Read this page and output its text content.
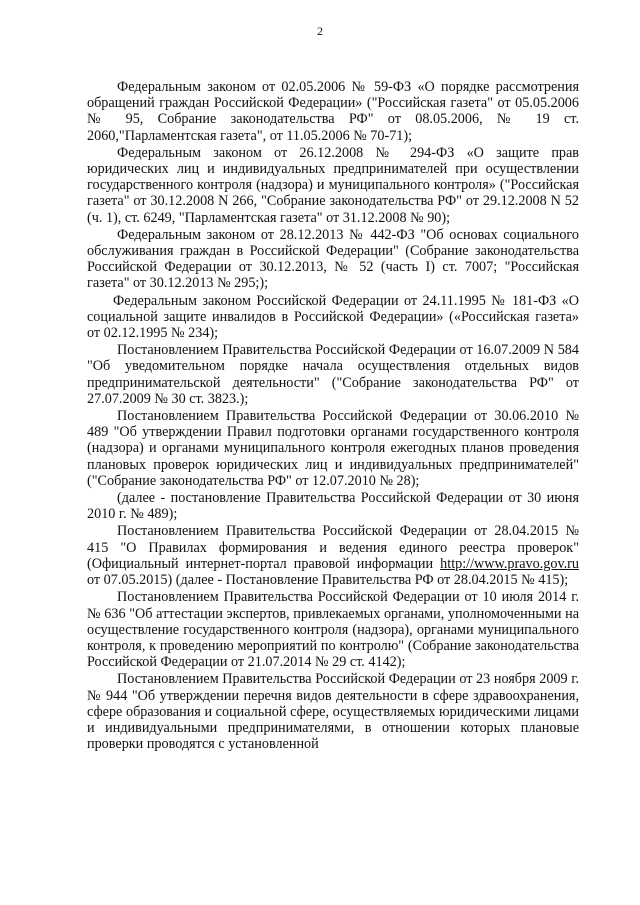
2

Федеральным законом от 02.05.2006 № 59-ФЗ «О порядке рассмотрения обращений граждан Российской Федерации» ("Российская газета" от 05.05.2006 № 95, Собрание законодательства РФ" от 08.05.2006, № 19 ст. 2060,"Парламентская газета", от 11.05.2006 № 70-71);

Федеральным законом от 26.12.2008 № 294-ФЗ «О защите прав юридических лиц и индивидуальных предпринимателей при осуществлении государственного контроля (надзора) и муниципального контроля» ("Российская газета" от 30.12.2008 N 266, "Собрание законодательства РФ" от 29.12.2008 N 52 (ч. 1), ст. 6249, "Парламентская газета" от 31.12.2008 № 90);

Федеральным законом от 28.12.2013 № 442-ФЗ "Об основах социального обслуживания граждан в Российской Федерации" (Собрание законодательства Российской Федерации от 30.12.2013, № 52 (часть I) ст. 7007; "Российская газета" от 30.12.2013 № 295;);

Федеральным законом Российской Федерации от 24.11.1995 № 181-ФЗ «О социальной защите инвалидов в Российской Федерации» («Российская газета» от 02.12.1995 № 234);

Постановлением Правительства Российской Федерации от 16.07.2009 N 584 "Об уведомительном порядке начала осуществления отдельных видов предпринимательской деятельности" ("Собрание законодательства РФ" от 27.07.2009 № 30 ст. 3823.);

Постановлением Правительства Российской Федерации от 30.06.2010 № 489 "Об утверждении Правил подготовки органами государственного контроля (надзора) и органами муниципального контроля ежегодных планов проведения плановых проверок юридических лиц и индивидуальных предпринимателей" ("Собрание законодательства РФ" от 12.07.2010 № 28);

(далее - постановление Правительства Российской Федерации от 30 июня 2010 г. № 489);

Постановлением Правительства Российской Федерации от 28.04.2015 № 415 "О Правилах формирования и ведения единого реестра проверок" (Официальный интернет-портал правовой информации http://www.pravo.gov.ru от 07.05.2015) (далее - Постановление Правительства РФ от 28.04.2015 № 415);

Постановлением Правительства Российской Федерации от 10 июля 2014 г. № 636 "Об аттестации экспертов, привлекаемых органами, уполномоченными на осуществление государственного контроля (надзора), органами муниципального контроля, к проведению мероприятий по контролю" (Собрание законодательства Российской Федерации от 21.07.2014 № 29 ст. 4142);

Постановлением Правительства Российской Федерации от 23 ноября 2009 г. № 944 "Об утверждении перечня видов деятельности в сфере здравоохранения, сфере образования и социальной сфере, осуществляемых юридическими лицами и индивидуальными предпринимателями, в отношении которых плановые проверки проводятся с установленной
